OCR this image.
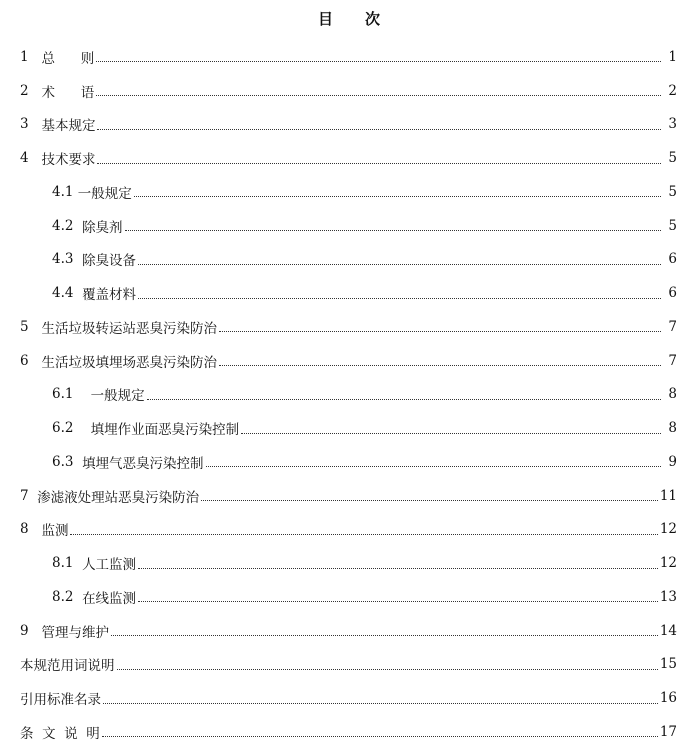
目 次
1 总      则	1
2 术      语	2
3 基本规定	3
4 技术要求	5
4.1 一般规定	5
4.2 除臭剂	5
4.3 除臭设备	6
4.4 覆盖材料	6
5 生活垃圾转运站恶臭污染防治	7
6 生活垃圾填埋场恶臭污染防治	7
6.1 一般规定	8
6.2 填埋作业面恶臭污染控制	8
6.3 填埋气恶臭污染控制	9
7 渗滤液处理站恶臭污染防治	11
8 监测	12
8.1 人工监测	12
8.2 在线监测	13
9 管理与维护	14
本规范用词说明	15
引用标准名录	16
条  文  说  明	17
